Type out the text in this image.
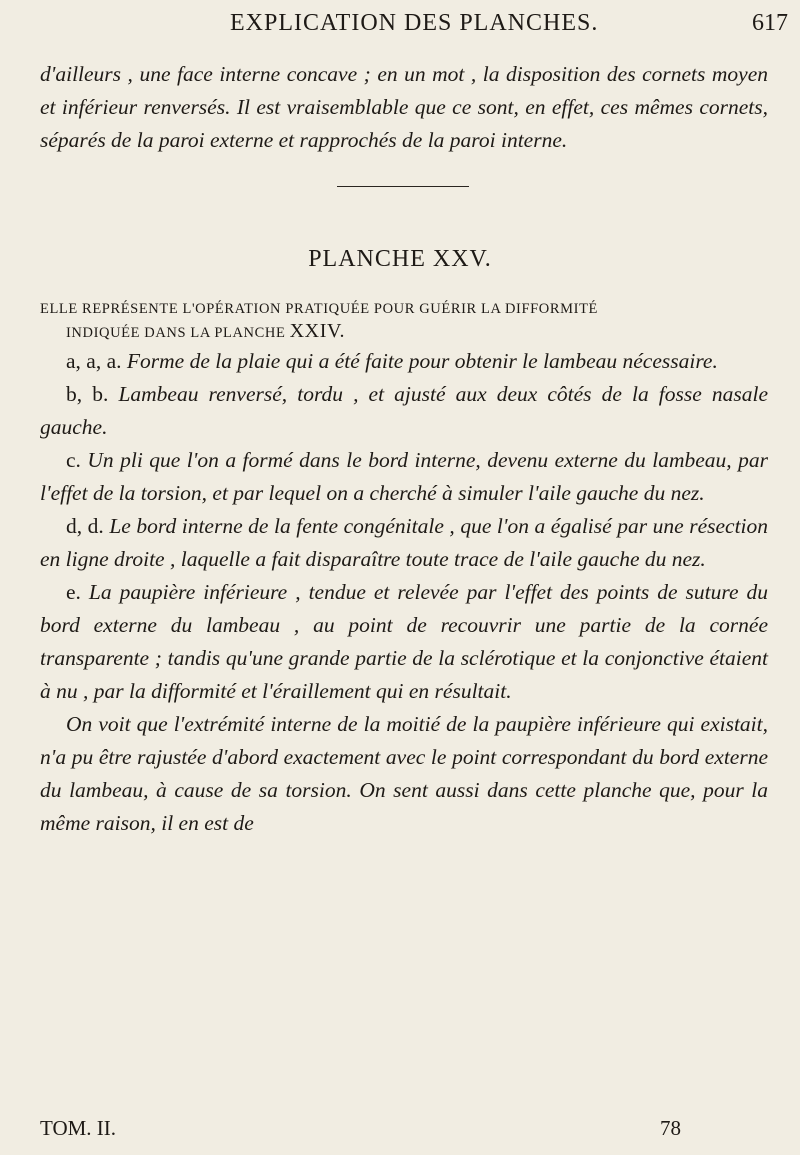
EXPLICATION DES PLANCHES.	617

d'ailleurs , une face interne concave ; en un mot , la disposition des cornets moyen et inférieur renversés. Il est vraisemblable que ce sont, en effet, ces mêmes cornets, séparés de la paroi externe et rapprochés de la paroi interne.

PLANCHE XXV.
ELLE REPRÉSENTE L'OPÉRATION PRATIQUÉE POUR GUÉRIR LA DIFFORMITÉ
INDIQUÉE DANS LA PLANCHE XXIV.

a, a, a. Forme de la plaie qui a été faite pour obtenir le lambeau nécessaire.

b, b. Lambeau renversé, tordu , et ajusté aux deux côtés de la fosse nasale gauche.

c. Un pli que l'on a formé dans le bord interne, devenu externe du lambeau, par l'effet de la torsion, et par lequel on a cherché à simuler l'aile gauche du nez.

d, d. Le bord interne de la fente congénitale , que l'on a égalisé par une résection en ligne droite , laquelle a fait disparaître toute trace de l'aile gauche du nez.

e. La paupière inférieure , tendue et relevée par l'effet des points de suture du bord externe du lambeau , au point de recouvrir une partie de la cornée transparente ; tandis qu'une grande partie de la sclérotique et la conjonctive étaient à nu , par la difformité et l'éraillement qui en résultait.

On voit que l'extrémité interne de la moitié de la paupière inférieure qui existait, n'a pu être rajustée d'abord exactement avec le point correspondant du bord externe du lambeau, à cause de sa torsion. On sent aussi dans cette planche que, pour la même raison, il en est de

TOM. II.	78
